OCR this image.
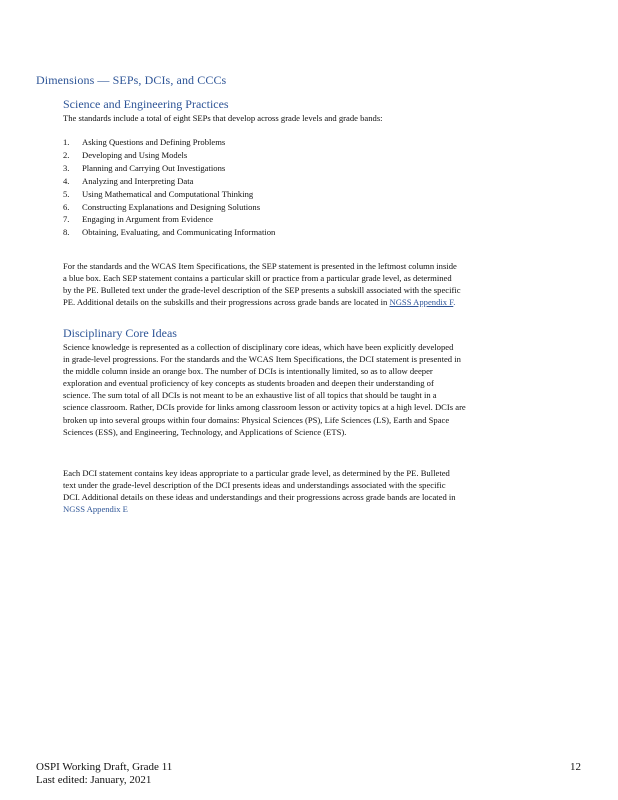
Dimensions — SEPs, DCIs, and CCCs
Science and Engineering Practices

The standards include a total of eight SEPs that develop across grade levels and grade bands:

1.	Asking Questions and Defining Problems
2.	Developing and Using Models
3.	Planning and Carrying Out Investigations
4.	Analyzing and Interpreting Data
5.	Using Mathematical and Computational Thinking
6.	Constructing Explanations and Designing Solutions
7.	Engaging in Argument from Evidence
8.	Obtaining, Evaluating, and Communicating Information

For the standards and the WCAS Item Specifications, the SEP statement is presented in the leftmost column inside
a blue box. Each SEP statement contains a particular skill or practice from a particular grade level, as determined
by the PE. Bulleted text under the grade-level description of the SEP presents a subskill associated with the specific
PE. Additional details on the subskills and their progressions across grade bands are located in NGSS Appendix F.

Disciplinary Core Ideas

Science knowledge is represented as a collection of disciplinary core ideas, which have been explicitly developed
in grade-level progressions. For the standards and the WCAS Item Specifications, the DCI statement is presented in
the middle column inside an orange box. The number of DCIs is intentionally limited, so as to allow deeper
exploration and eventual proficiency of key concepts as students broaden and deepen their understanding of
science. The sum total of all DCIs is not meant to be an exhaustive list of all topics that should be taught in a
science classroom. Rather, DCIs provide for links among classroom lesson or activity topics at a high level. DCIs are
broken up into several groups within four domains: Physical Sciences (PS), Life Sciences (LS), Earth and Space
Sciences (ESS), and Engineering, Technology, and Applications of Science (ETS).

Each DCI statement contains key ideas appropriate to a particular grade level, as determined by the PE. Bulleted
text under the grade-level description of the DCI presents ideas and understandings associated with the specific
DCI. Additional details on these ideas and understandings and their progressions across grade bands are located in
NGSS Appendix E

OSPI Working Draft, Grade 11
Last edited: January, 2021
12
